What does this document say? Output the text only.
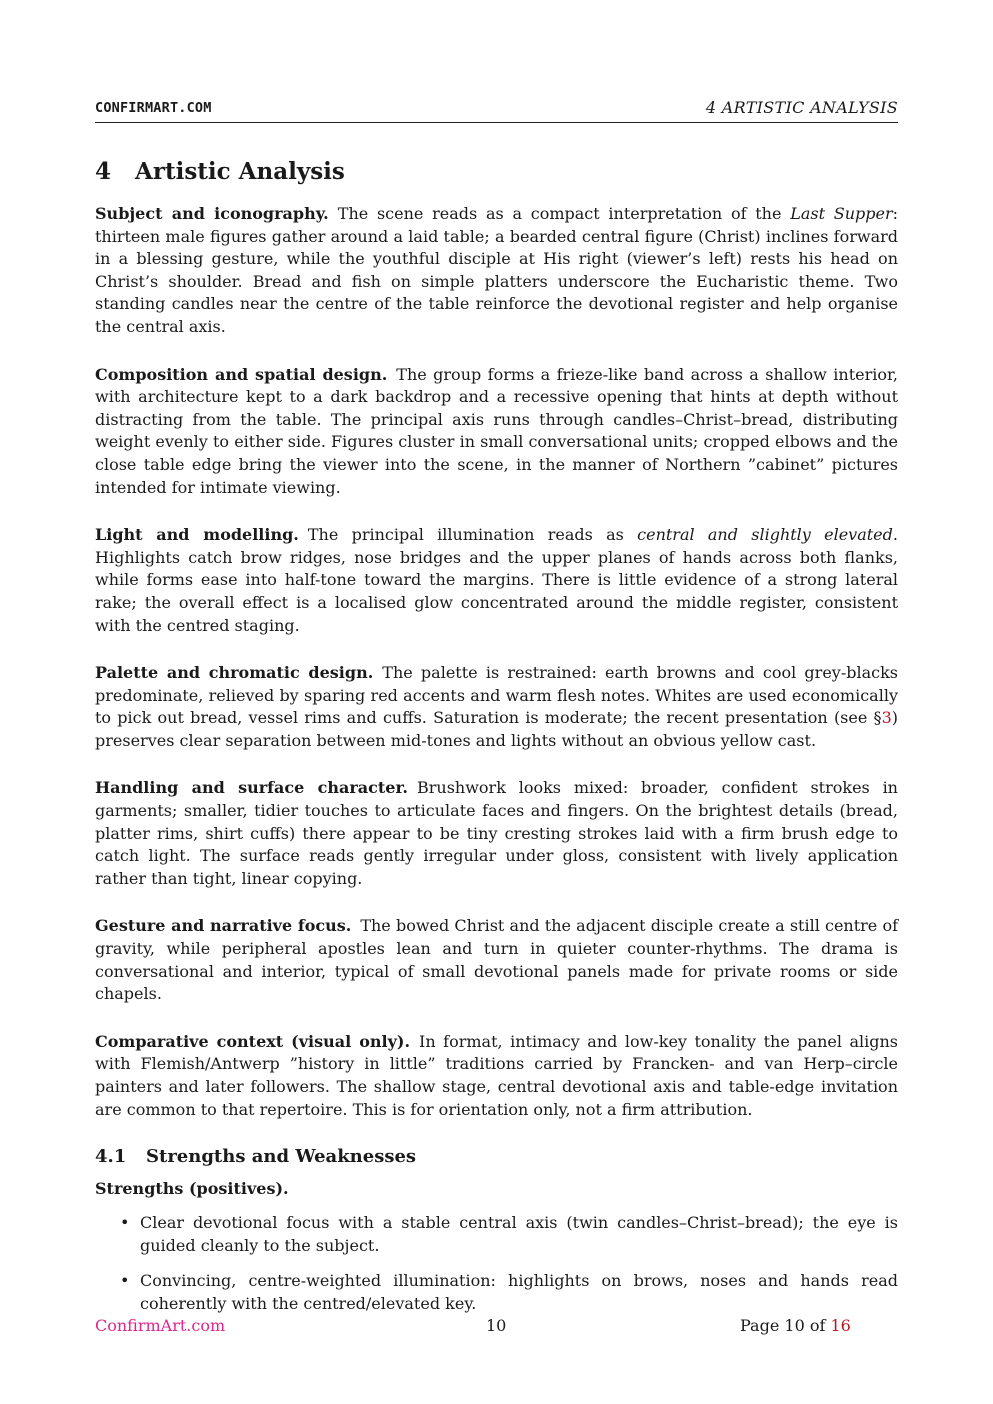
CONFIRMART.COM	4 ARTISTIC ANALYSIS
4 Artistic Analysis

Subject and iconography. The scene reads as a compact interpretation of the Last Supper: thirteen male figures gather around a laid table; a bearded central figure (Christ) inclines forward in a blessing gesture, while the youthful disciple at His right (viewer’s left) rests his head on Christ’s shoulder. Bread and fish on simple platters underscore the Eucharistic theme. Two standing candles near the centre of the table reinforce the devotional register and help organise the central axis.

Composition and spatial design. The group forms a frieze-like band across a shallow interior, with architecture kept to a dark backdrop and a recessive opening that hints at depth without distracting from the table. The principal axis runs through candles–Christ–bread, distributing weight evenly to either side. Figures cluster in small conversational units; cropped elbows and the close table edge bring the viewer into the scene, in the manner of Northern ”cabinet” pictures intended for intimate viewing.

Light and modelling. The principal illumination reads as central and slightly elevated. Highlights catch brow ridges, nose bridges and the upper planes of hands across both flanks, while forms ease into half-tone toward the margins. There is little evidence of a strong lateral rake; the overall effect is a localised glow concentrated around the middle register, consistent with the centred staging.

Palette and chromatic design. The palette is restrained: earth browns and cool grey-blacks predominate, relieved by sparing red accents and warm flesh notes. Whites are used economically to pick out bread, vessel rims and cuffs. Saturation is moderate; the recent presentation (see §3) preserves clear separation between mid-tones and lights without an obvious yellow cast.

Handling and surface character. Brushwork looks mixed: broader, confident strokes in garments; smaller, tidier touches to articulate faces and fingers. On the brightest details (bread, platter rims, shirt cuffs) there appear to be tiny cresting strokes laid with a firm brush edge to catch light. The surface reads gently irregular under gloss, consistent with lively application rather than tight, linear copying.

Gesture and narrative focus. The bowed Christ and the adjacent disciple create a still centre of gravity, while peripheral apostles lean and turn in quieter counter-rhythms. The drama is conversational and interior, typical of small devotional panels made for private rooms or side chapels.

Comparative context (visual only). In format, intimacy and low-key tonality the panel aligns with Flemish/Antwerp ”history in little” traditions carried by Francken- and van Herp–circle painters and later followers. The shallow stage, central devotional axis and table-edge invitation are common to that repertoire. This is for orientation only, not a firm attribution.

4.1 Strengths and Weaknesses
Strengths (positives).
• Clear devotional focus with a stable central axis (twin candles–Christ–bread); the eye is guided cleanly to the subject.
• Convincing, centre-weighted illumination: highlights on brows, noses and hands read coherently with the centred/elevated key.
ConfirmArt.com	10	Page 10 of 16
